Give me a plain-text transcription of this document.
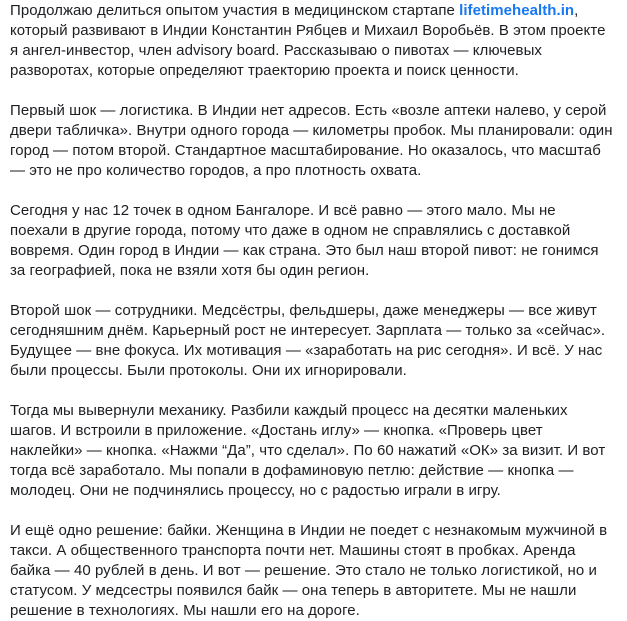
Продолжаю делиться опытом участия в медицинском стартапе lifetimehealth.in, который развивают в Индии Константин Рябцев и Михаил Воробьёв. В этом проекте я ангел-инвестор, член advisory board. Рассказываю о пивотах — ключевых разворотах, которые определяют траекторию проекта и поиск ценности.

Первый шок — логистика. В Индии нет адресов. Есть «возле аптеки налево, у серой двери табличка». Внутри одного города — километры пробок. Мы планировали: один город — потом второй. Стандартное масштабирование. Но оказалось, что масштаб — это не про количество городов, а про плотность охвата.

Сегодня у нас 12 точек в одном Бангалоре. И всё равно — этого мало. Мы не поехали в другие города, потому что даже в одном не справлялись с доставкой вовремя. Один город в Индии — как страна. Это был наш второй пивот: не гонимся за географией, пока не взяли хотя бы один регион.

Второй шок — сотрудники. Медсёстры, фельдшеры, даже менеджеры — все живут сегодняшним днём. Карьерный рост не интересует. Зарплата — только за «сейчас». Будущее — вне фокуса. Их мотивация — «заработать на рис сегодня». И всё. У нас были процессы. Были протоколы. Они их игнорировали.

Тогда мы вывернули механику. Разбили каждый процесс на десятки маленьких шагов. И встроили в приложение. «Достань иглу» — кнопка. «Проверь цвет наклейки» — кнопка. «Нажми “Да”, что сделал». По 60 нажатий «ОК» за визит. И вот тогда всё заработало. Мы попали в дофаминовую петлю: действие — кнопка — молодец. Они не подчинялись процессу, но с радостью играли в игру.

И ещё одно решение: байки. Женщина в Индии не поедет с незнакомым мужчиной в такси. А общественного транспорта почти нет. Машины стоят в пробках. Аренда байка — 40 рублей в день. И вот — решение. Это стало не только логистикой, но и статусом. У медсестры появился байк — она теперь в авторитете. Мы не нашли решение в технологиях. Мы нашли его на дороге.
